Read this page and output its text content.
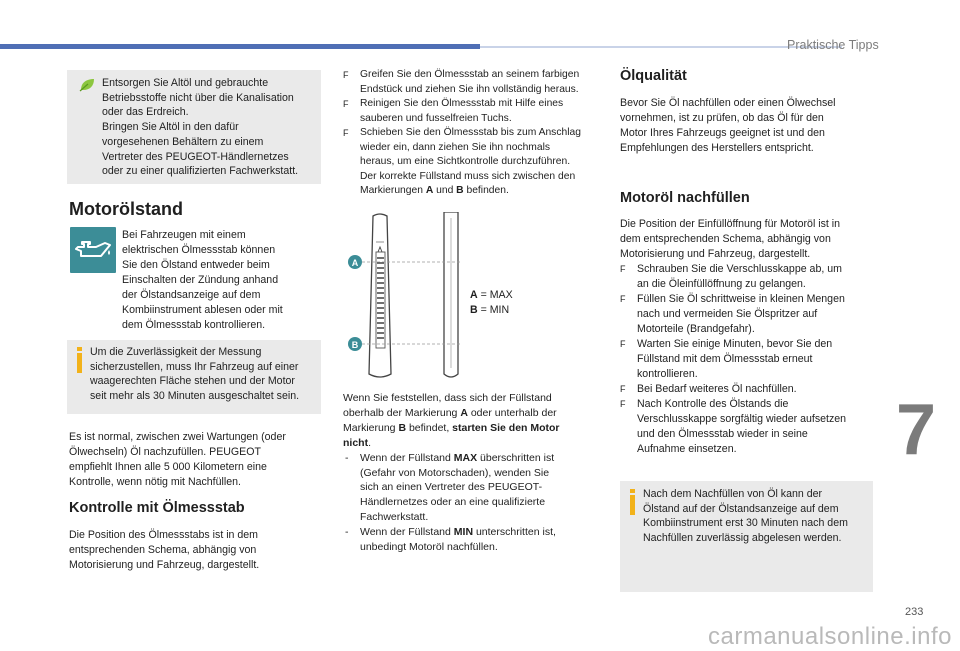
Praktische Tipps

Entsorgen Sie Altöl und gebrauchte

Betriebsstoffe nicht über die Kanalisation

oder das Erdreich.

Bringen Sie Altöl in den dafür

vorgesehenen Behältern zu einem

Vertreter des PEUGEOT-Händlernetzes

oder zu einer qualifizierten Fachwerkstatt.

Motorölstand

Bei Fahrzeugen mit einem

elektrischen Ölmessstab können

Sie den Ölstand entweder beim

Einschalten der Zündung anhand

der Ölstandsanzeige auf dem

Kombiinstrument ablesen oder mit

dem Ölmessstab kontrollieren.

Um die Zuverlässigkeit der Messung

sicherzustellen, muss Ihr Fahrzeug auf einer

waagerechten Fläche stehen und der Motor

seit mehr als 30 Minuten ausgeschaltet sein.

Es ist normal, zwischen zwei Wartungen (oder

Ölwechseln) Öl nachzufüllen. PEUGEOT

empfiehlt Ihnen alle 5 000 Kilometern eine

Kontrolle, wenn nötig mit Nachfüllen.

Kontrolle mit Ölmessstab

Die Position des Ölmessstabs ist in dem

entsprechenden Schema, abhängig von

Motorisierung und Fahrzeug, dargestellt.

F Greifen Sie den Ölmessstab an seinem farbigen

Endstück und ziehen Sie ihn vollständig heraus.

F Reinigen Sie den Ölmessstab mit Hilfe eines

sauberen und fusselfreien Tuchs.

F Schieben Sie den Ölmessstab bis zum Anschlag

wieder ein, dann ziehen Sie ihn nochmals

heraus, um eine Sichtkontrolle durchzuführen.

Der korrekte Füllstand muss sich zwischen den

Markierungen A und B befinden.

A
B

A = MAX

B = MIN

Wenn Sie feststellen, dass sich der Füllstand

oberhalb der Markierung A oder unterhalb der

Markierung B befindet, starten Sie den Motor

nicht.

- Wenn der Füllstand MAX überschritten ist

(Gefahr von Motorschaden), wenden Sie

sich an einen Vertreter des PEUGEOT-

Händlernetzes oder an eine qualifizierte

Fachwerkstatt.

- Wenn der Füllstand MIN unterschritten ist,

unbedingt Motoröl nachfüllen.

Ölqualität

Bevor Sie Öl nachfüllen oder einen Ölwechsel

vornehmen, ist zu prüfen, ob das Öl für den

Motor Ihres Fahrzeugs geeignet ist und den

Empfehlungen des Herstellers entspricht.

Motoröl nachfüllen

Die Position der Einfüllöffnung für Motoröl ist in

dem entsprechenden Schema, abhängig von

Motorisierung und Fahrzeug, dargestellt.

F Schrauben Sie die Verschlusskappe ab, um

an die Öleinfüllöffnung zu gelangen.

F Füllen Sie Öl schrittweise in kleinen Mengen

nach und vermeiden Sie Ölspritzer auf

Motorteile (Brandgefahr).

F Warten Sie einige Minuten, bevor Sie den

Füllstand mit dem Ölmessstab erneut

kontrollieren.

F Bei Bedarf weiteres Öl nachfüllen.

F Nach Kontrolle des Ölstands die

Verschlusskappe sorgfältig wieder aufsetzen

und den Ölmessstab wieder in seine

Aufnahme einsetzen.

Nach dem Nachfüllen von Öl kann der

Ölstand auf der Ölstandsanzeige auf dem

Kombiinstrument erst 30 Minuten nach dem

Nachfüllen zuverlässig abgelesen werden.

7
233
carmanualsonline.info
